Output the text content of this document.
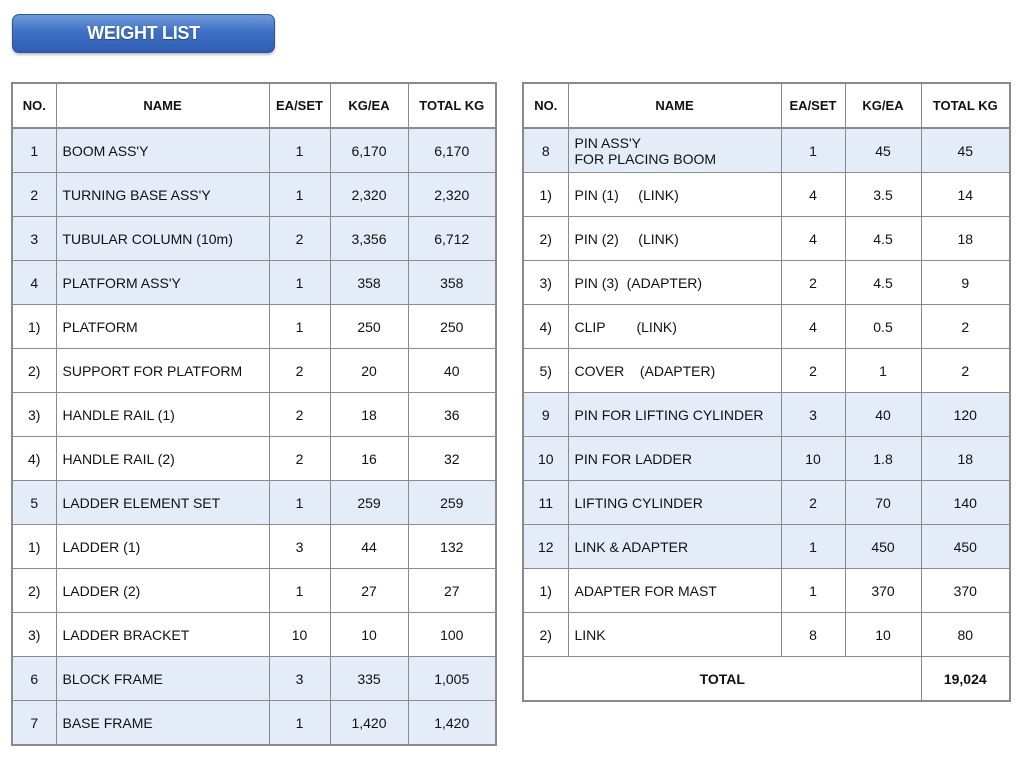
WEIGHT LIST
NO.	NAME	EA/SET	KG/EA	TOTAL KG
1	BOOM ASS'Y	1	6,170	6,170
2	TURNING BASE ASS'Y	1	2,320	2,320
3	TUBULAR COLUMN (10m)	2	3,356	6,712
4	PLATFORM ASS'Y	1	358	358
1)	PLATFORM	1	250	250
2)	SUPPORT FOR PLATFORM	2	20	40
3)	HANDLE RAIL (1)	2	18	36
4)	HANDLE RAIL (2)	2	16	32
5	LADDER ELEMENT SET	1	259	259
1)	LADDER (1)	3	44	132
2)	LADDER (2)	1	27	27
3)	LADDER BRACKET	10	10	100
6	BLOCK FRAME	3	335	1,005
7	BASE FRAME	1	1,420	1,420
NO.	NAME	EA/SET	KG/EA	TOTAL KG
8	PIN ASS'Y
FOR PLACING BOOM	1	45	45
1)	PIN (1)     (LINK)	4	3.5	14
2)	PIN (2)     (LINK)	4	4.5	18
3)	PIN (3)  (ADAPTER)	2	4.5	9
4)	CLIP        (LINK)	4	0.5	2
5)	COVER    (ADAPTER)	2	1	2
9	PIN FOR LIFTING CYLINDER	3	40	120
10	PIN FOR LADDER	10	1.8	18
11	LIFTING CYLINDER	2	70	140
12	LINK & ADAPTER	1	450	450
1)	ADAPTER FOR MAST	1	370	370
2)	LINK	8	10	80
TOTAL				19,024
